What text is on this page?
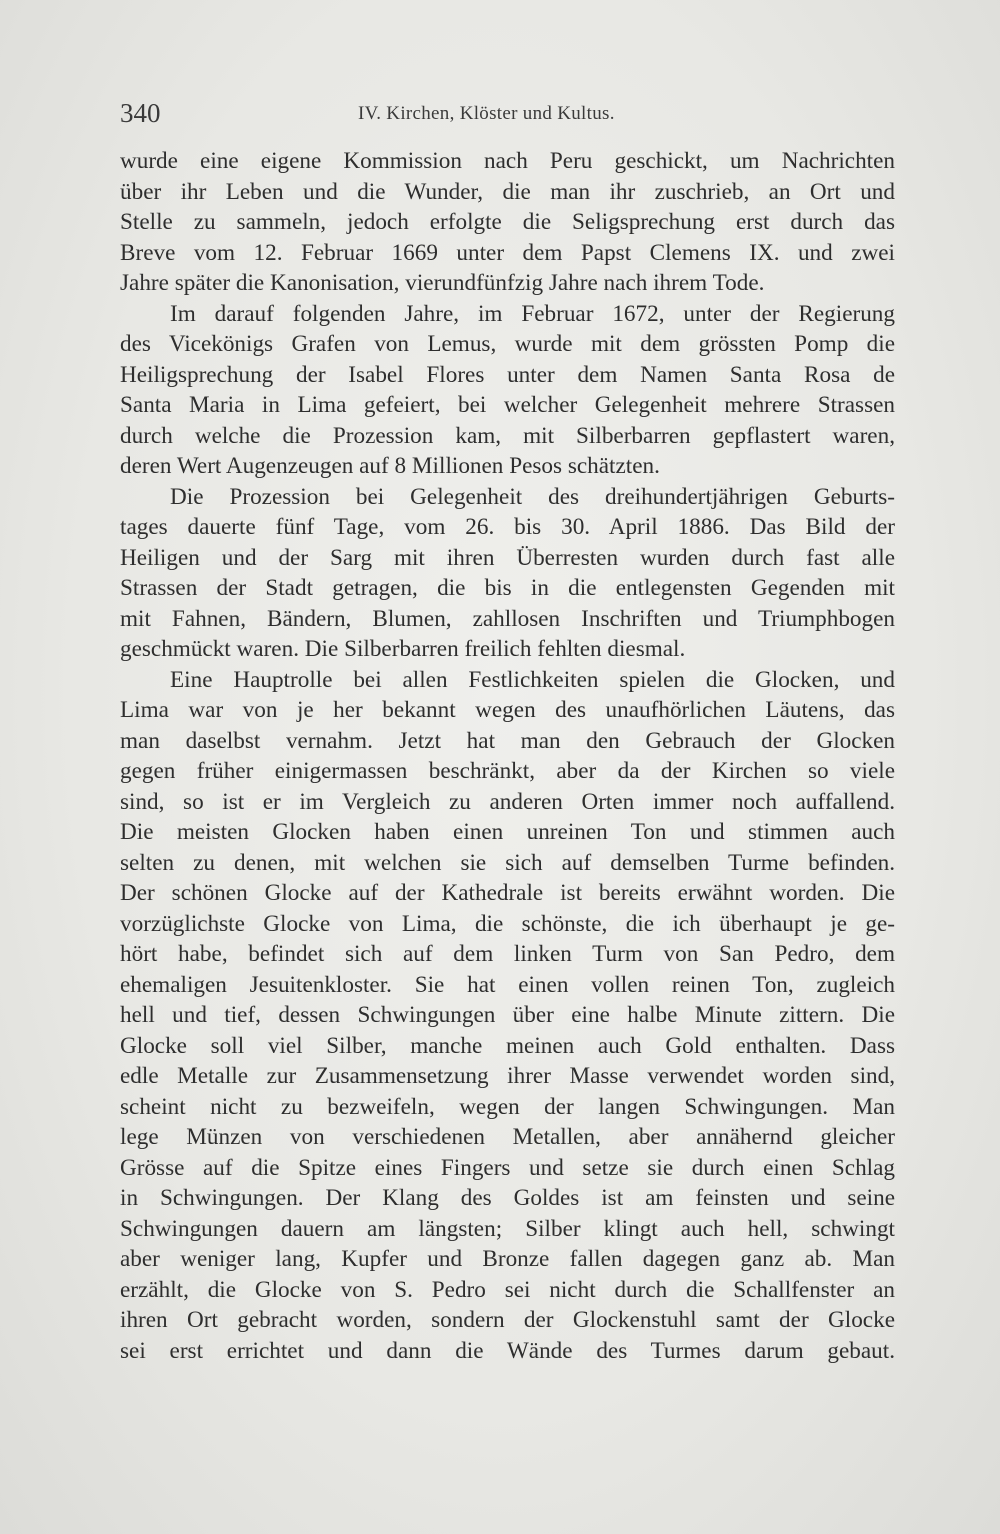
340	IV. Kirchen, Klöster und Kultus.
wurde eine eigene Kommission nach Peru geschickt, um Nachrichten
über ihr Leben und die Wunder, die man ihr zuschrieb, an Ort und
Stelle zu sammeln, jedoch erfolgte die Seligsprechung erst durch das
Breve vom 12. Februar 1669 unter dem Papst Clemens IX. und zwei
Jahre später die Kanonisation, vierundfünfzig Jahre nach ihrem Tode.
Im darauf folgenden Jahre, im Februar 1672, unter der Regierung
des Vicekönigs Grafen von Lemus, wurde mit dem grössten Pomp die
Heiligsprechung der Isabel Flores unter dem Namen Santa Rosa de
Santa Maria in Lima gefeiert, bei welcher Gelegenheit mehrere Strassen
durch welche die Prozession kam, mit Silberbarren gepflastert waren,
deren Wert Augenzeugen auf 8 Millionen Pesos schätzten.
Die Prozession bei Gelegenheit des dreihundertjährigen Geburts-
tages dauerte fünf Tage, vom 26. bis 30. April 1886. Das Bild der
Heiligen und der Sarg mit ihren Überresten wurden durch fast alle
Strassen der Stadt getragen, die bis in die entlegensten Gegenden mit
mit Fahnen, Bändern, Blumen, zahllosen Inschriften und Triumphbogen
geschmückt waren. Die Silberbarren freilich fehlten diesmal.
Eine Hauptrolle bei allen Festlichkeiten spielen die Glocken, und
Lima war von je her bekannt wegen des unaufhörlichen Läutens, das
man daselbst vernahm. Jetzt hat man den Gebrauch der Glocken
gegen früher einigermassen beschränkt, aber da der Kirchen so viele
sind, so ist er im Vergleich zu anderen Orten immer noch auffallend.
Die meisten Glocken haben einen unreinen Ton und stimmen auch
selten zu denen, mit welchen sie sich auf demselben Turme befinden.
Der schönen Glocke auf der Kathedrale ist bereits erwähnt worden. Die
vorzüglichste Glocke von Lima, die schönste, die ich überhaupt je ge-
hört habe, befindet sich auf dem linken Turm von San Pedro, dem
ehemaligen Jesuitenkloster. Sie hat einen vollen reinen Ton, zugleich
hell und tief, dessen Schwingungen über eine halbe Minute zittern. Die
Glocke soll viel Silber, manche meinen auch Gold enthalten. Dass
edle Metalle zur Zusammensetzung ihrer Masse verwendet worden sind,
scheint nicht zu bezweifeln, wegen der langen Schwingungen. Man
lege Münzen von verschiedenen Metallen, aber annähernd gleicher
Grösse auf die Spitze eines Fingers und setze sie durch einen Schlag
in Schwingungen. Der Klang des Goldes ist am feinsten und seine
Schwingungen dauern am längsten; Silber klingt auch hell, schwingt
aber weniger lang, Kupfer und Bronze fallen dagegen ganz ab. Man
erzählt, die Glocke von S. Pedro sei nicht durch die Schallfenster an
ihren Ort gebracht worden, sondern der Glockenstuhl samt der Glocke
sei erst errichtet und dann die Wände des Turmes darum gebaut.
